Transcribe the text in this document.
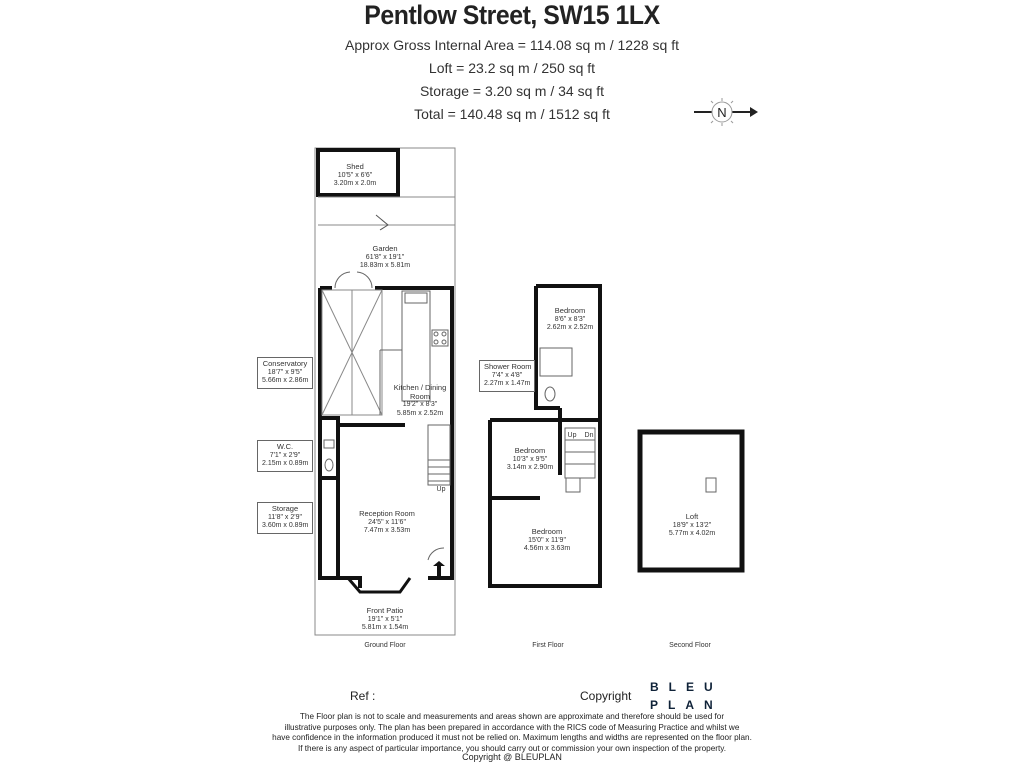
Pentlow Street, SW15 1LX
Approx Gross Internal Area = 114.08 sq m / 1228 sq ft
Loft = 23.2 sq m / 250 sq ft
Storage = 3.20 sq m / 34 sq ft
Total = 140.48 sq m / 1512 sq ft	N
Shed
10'5" x 6'6"
3.20m x 2.0m
Garden
61'8" x 19'1"
18.83m x 5.81m
Conservatory
18'7" x 9'5"
5.66m x 2.86m
Kitchen / Dining
Room
19'2" x 8'3"
5.85m x 2.52m
W.C.
7'1" x 2'9"
2.15m x 0.89m
Storage
11'8" x 2'9"
3.60m x 0.89m
Reception Room
24'5" x 11'6"
7.47m x 3.53m
Front Patio
19'1" x 5'1"
5.81m x 1.54m
Up
Bedroom
8'6" x 8'3"
2.62m x 2.52m
Shower Room
7'4" x 4'8"
2.27m x 1.47m
Bedroom
10'3" x 9'5"
3.14m x 2.90m
Bedroom
15'0" x 11'9"
4.56m x 3.63m
Up Dn
Loft
18'9" x 13'2"
5.77m x 4.02m
Ground Floor	First Floor	Second Floor
Ref :	Copyright
BLEU
PLAN
The Floor plan is not to scale and measurements and areas shown are approximate and therefore should be used for
illustrative purposes only. The plan has been prepared in accordance with the RICS code of Measuring Practice and whilst we
have confidence in the information produced it must not be relied on. Maximum lengths and widths are represented on the floor plan.
If there is any aspect of particular importance, you should carry out or commission your own inspection of the property.
Copyright @ BLEUPLAN
